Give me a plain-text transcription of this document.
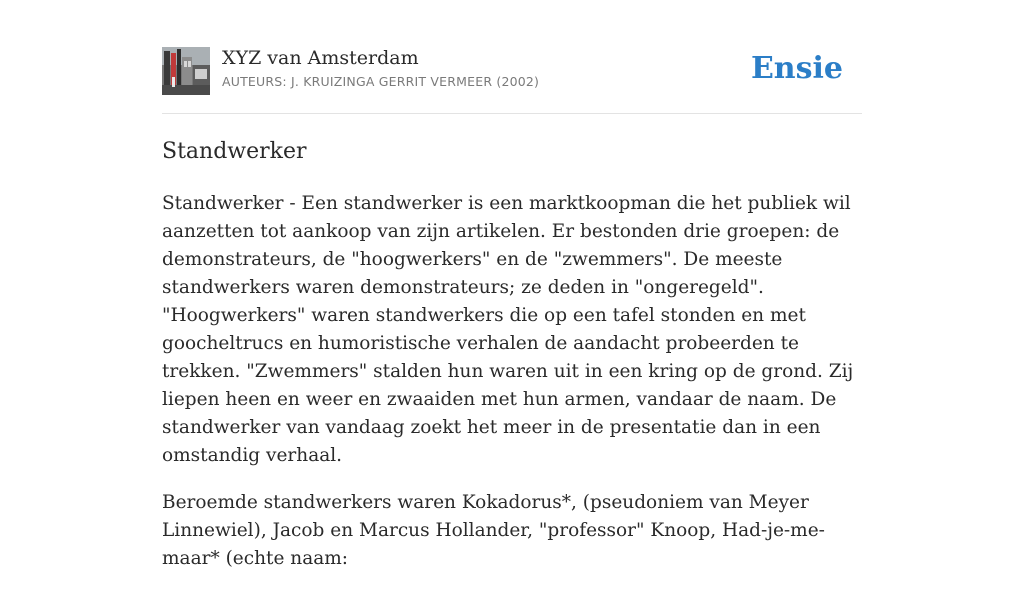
XYZ van Amsterdam
AUTEURS: J. KRUIZINGA GERRIT VERMEER (2002)	Ensie
Standwerker

Standwerker - Een standwerker is een marktkoopman die het publiek wil aanzetten tot aankoop van zijn artikelen. Er bestonden drie groepen: de demonstrateurs, de "hoogwerkers" en de "zwemmers". De meeste standwerkers waren demonstrateurs; ze deden in "ongeregeld". "Hoogwerkers" waren standwerkers die op een tafel stonden en met goocheltrucs en humoristische verhalen de aandacht probeerden te trekken. "Zwemmers" stalden hun waren uit in een kring op de grond. Zij liepen heen en weer en zwaaiden met hun armen, vandaar de naam. De standwerker van vandaag zoekt het meer in de presentatie dan in een omstandig verhaal.

Beroemde standwerkers waren Kokadorus*, (pseudoniem van Meyer Linnewiel), Jacob en Marcus Hollander, "professor" Knoop, Had-je-me-maar* (echte naam:
